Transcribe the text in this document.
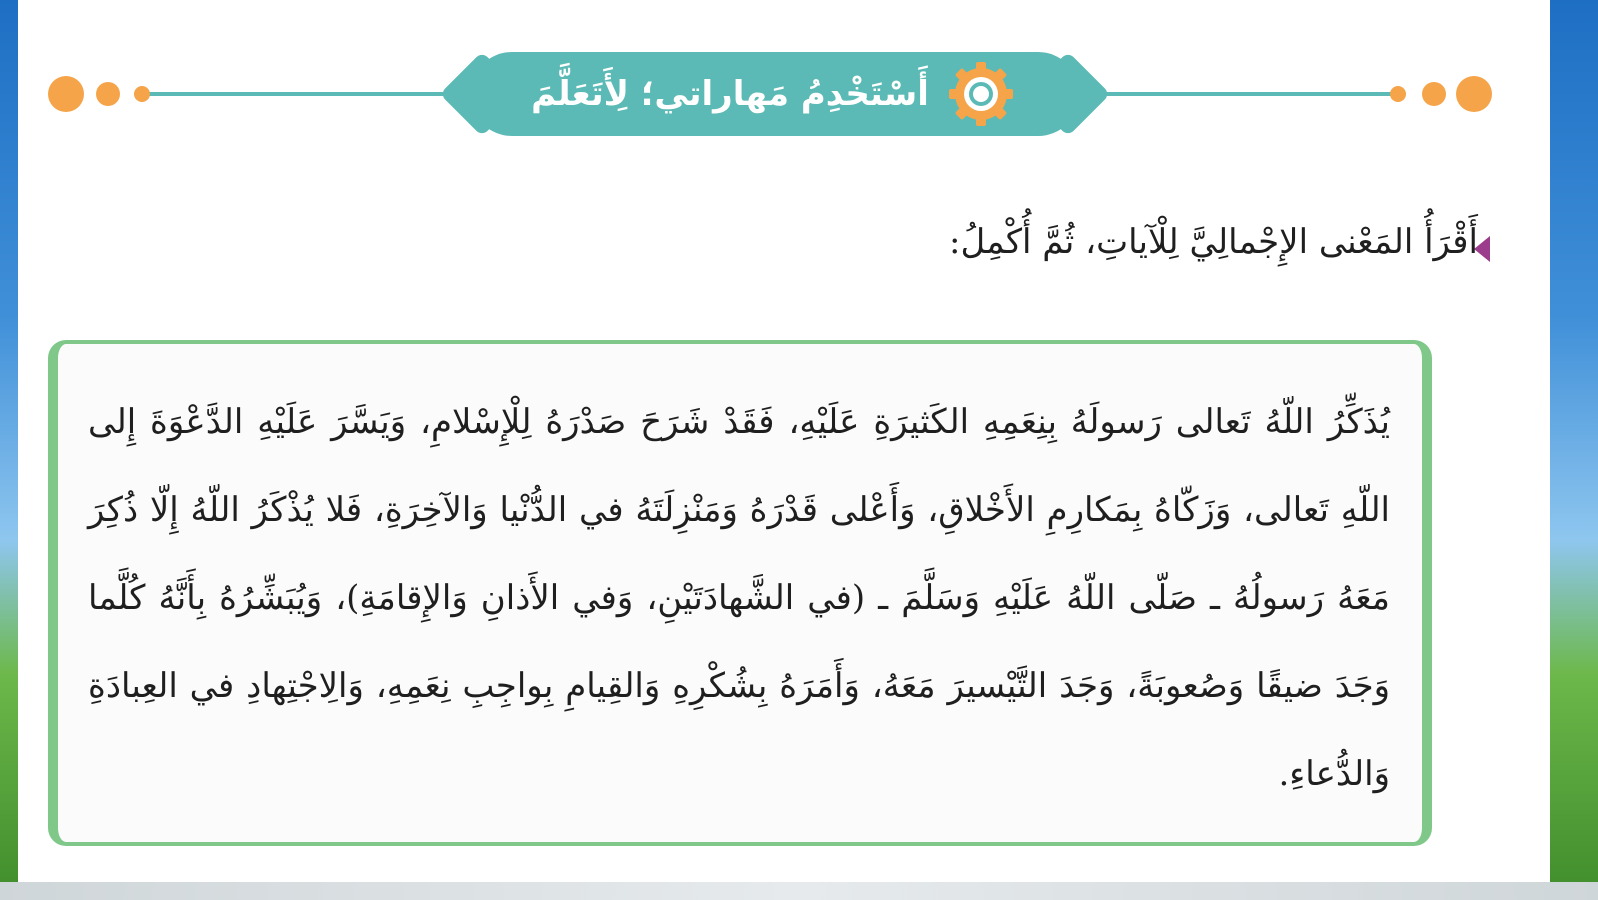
أَسْتَخْدِمُ مَهاراتي؛ لِأَتَعَلَّمَ
أَقْرَأُ المَعْنى الإِجْمالِيَّ لِلْآياتِ، ثُمَّ أُكْمِلُ:
يُذَكِّرُ اللّهُ تَعالى رَسولَهُ بِنِعَمِهِ الكَثيرَةِ عَلَيْهِ، فَقَدْ شَرَحَ صَدْرَهُ لِلْإِسْلامِ، وَيَسَّرَ عَلَيْهِ الدَّعْوَةَ إِلى اللّهِ تَعالى، وَزَكّاهُ بِمَكارِمِ الأَخْلاقِ، وَأَعْلى قَدْرَهُ وَمَنْزِلَتَهُ في الدُّنْيا وَالآخِرَةِ، فَلا يُذْكَرُ اللّهُ إِلّا ذُكِرَ مَعَهُ رَسولُهُ ـ صَلّى اللّهُ عَلَيْهِ وَسَلَّمَ ـ (في الشَّهادَتَيْنِ، وَفي الأَذانِ وَالإِقامَةِ)، وَيُبَشِّرُهُ بِأَنَّهُ كُلَّما وَجَدَ ضيقًا وَصُعوبَةً، وَجَدَ التَّيْسيرَ مَعَهُ، وَأَمَرَهُ بِشُكْرِهِ وَالقِيامِ بِواجِبِ نِعَمِهِ، وَالِاجْتِهادِ في العِبادَةِ وَالدُّعاءِ.
